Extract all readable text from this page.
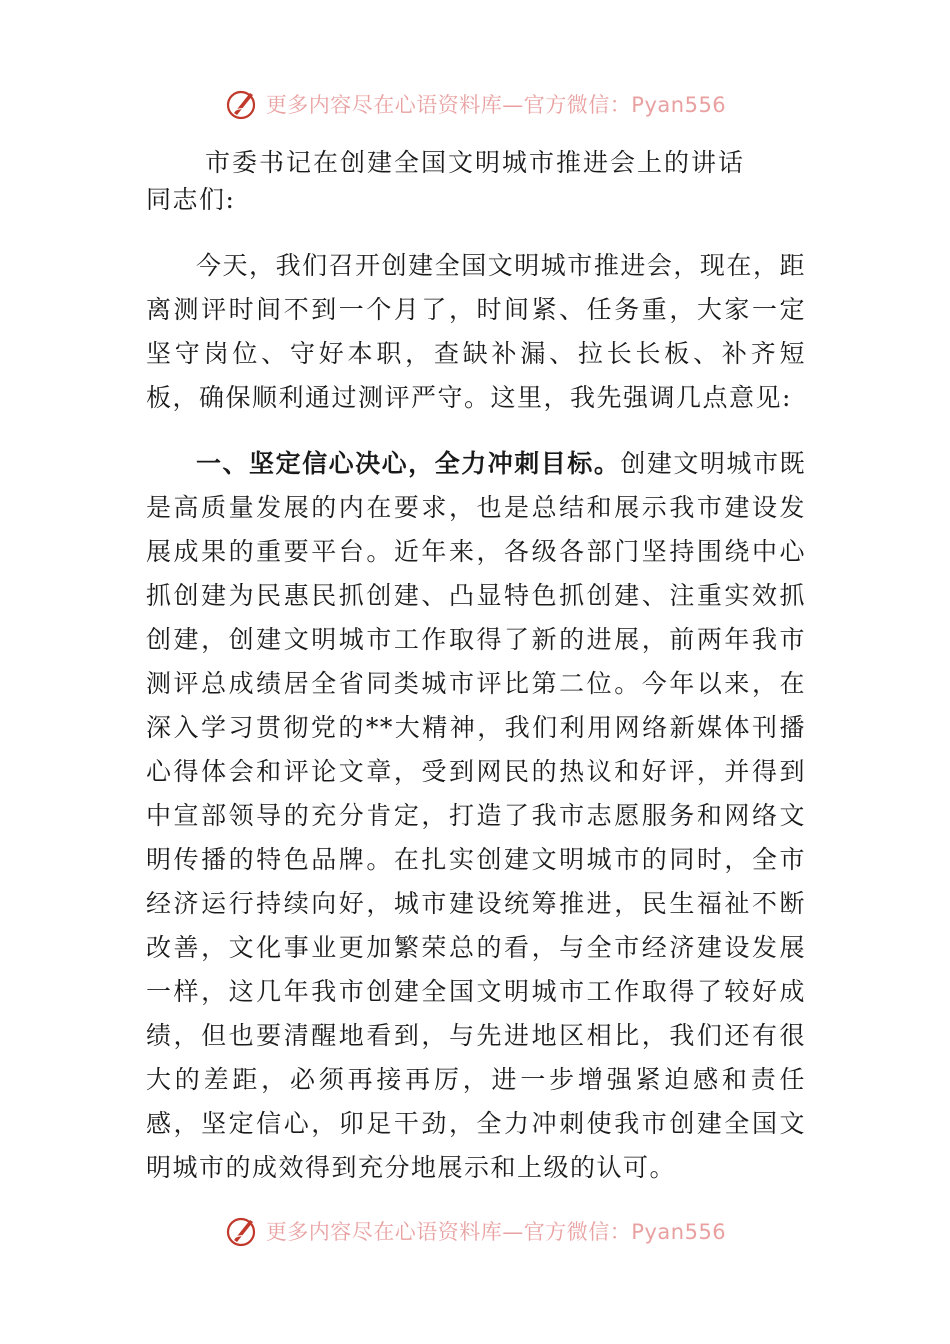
更多内容尽在心语资料库—官方微信：Pyan556
市委书记在创建全国文明城市推进会上的讲话

同志们:

今天，我们召开创建全国文明城市推进会，现在，距离测评时间不到一个月了，时间紧、任务重，大家一定坚守岗位、守好本职，查缺补漏、拉长长板、补齐短板，确保顺利通过测评严守。这里，我先强调几点意见:

一、坚定信心决心，全力冲刺目标。创建文明城市既是高质量发展的内在要求，也是总结和展示我市建设发展成果的重要平台。近年来，各级各部门坚持围绕中心抓创建为民惠民抓创建、凸显特色抓创建、注重实效抓创建，创建文明城市工作取得了新的进展，前两年我市测评总成绩居全省同类城市评比第二位。今年以来，在深入学习贯彻党的**大精神，我们利用网络新媒体刊播心得体会和评论文章，受到网民的热议和好评，并得到中宣部领导的充分肯定，打造了我市志愿服务和网络文明传播的特色品牌。在扎实创建文明城市的同时，全市经济运行持续向好，城市建设统筹推进，民生福祉不断改善，文化事业更加繁荣总的看，与全市经济建设发展一样，这几年我市创建全国文明城市工作取得了较好成绩，但也要清醒地看到，与先进地区相比，我们还有很大的差距，必须再接再厉，进一步增强紧迫感和责任感，坚定信心，卯足干劲，全力冲刺使我市创建全国文明城市的成效得到充分地展示和上级的认可。

更多内容尽在心语资料库—官方微信：Pyan556
